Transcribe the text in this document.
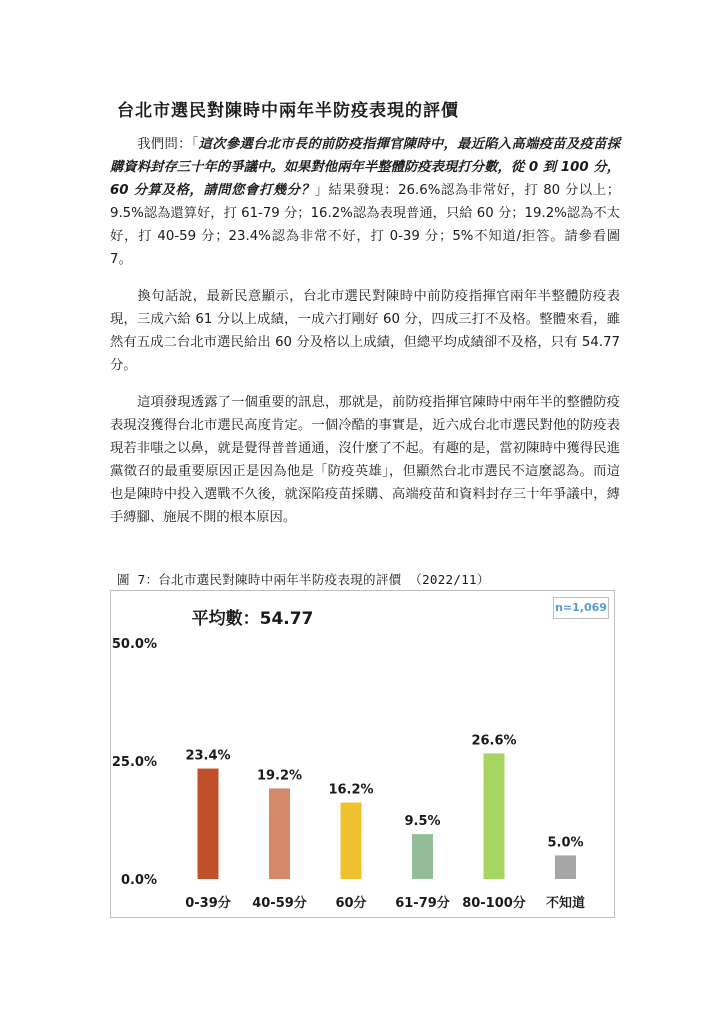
台北市選民對陳時中兩年半防疫表現的評價

我們問：「這次參選台北市長的前防疫指揮官陳時中，最近陷入高端疫苗及疫苗採購資料封存三十年的爭議中。如果對他兩年半整體防疫表現打分數，從 0 到 100 分，60 分算及格，請問您會打幾分？」結果發現：26.6%認為非常好，打 80 分以上；9.5%認為還算好，打 61-79 分；16.2%認為表現普通，只給 60 分；19.2%認為不太好，打 40-59 分；23.4%認為非常不好，打 0-39 分；5%不知道/拒答。請參看圖 7。

換句話說，最新民意顯示，台北市選民對陳時中前防疫指揮官兩年半整體防疫表現，三成六給 61 分以上成績，一成六打剛好 60 分，四成三打不及格。整體來看，雖然有五成二台北市選民給出 60 分及格以上成績，但總平均成績卻不及格，只有 54.77 分。

這項發現透露了一個重要的訊息，那就是，前防疫指揮官陳時中兩年半的整體防疫表現沒獲得台北市選民高度肯定。一個冷酷的事實是，近六成台北市選民對他的防疫表現若非嗤之以鼻，就是覺得普普通通，沒什麼了不起。有趣的是，當初陳時中獲得民進黨徵召的最重要原因正是因為他是「防疫英雄」，但顯然台北市選民不這麼認為。而這也是陳時中投入選戰不久後，就深陷疫苗採購、高端疫苗和資料封存三十年爭議中，縛手縛腳、施展不開的根本原因。

圖 7：台北市選民對陳時中兩年半防疫表現的評價 （2022/11）
平均數：54.77
n=1,069
0.0%
25.0%
50.0%
23.4%
0-39分
19.2%
40-59分
16.2%
60分
9.5%
61-79分
26.6%
80-100分
5.0%
不知道
